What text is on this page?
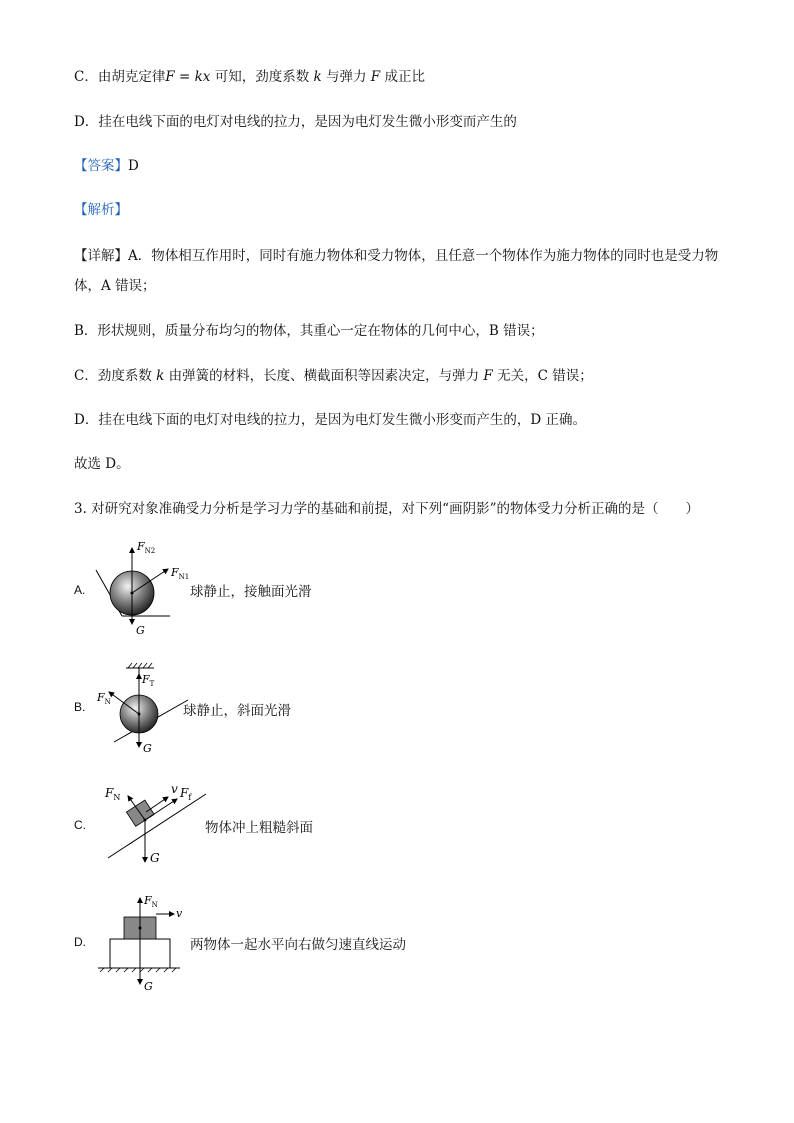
C．由胡克定律F = kx 可知，劲度系数 k 与弹力 F 成正比
D．挂在电线下面的电灯对电线的拉力，是因为电灯发生微小形变而产生的
【答案】D
【解析】
【详解】A．物体相互作用时，同时有施力物体和受力物体，且任意一个物体作为施力物体的同时也是受力物体，A 错误；
B．形状规则，质量分布均匀的物体，其重心一定在物体的几何中心，B 错误；
C．劲度系数 k 由弹簧的材料，长度、横截面积等因素决定，与弹力 F 无关，C 错误；
D．挂在电线下面的电灯对电线的拉力，是因为电灯发生微小形变而产生的，D 正确。
故选 D。
3. 对研究对象准确受力分析是学习力学的基础和前提，对下列“画阴影”的物体受力分析正确的是（　　）
A.
$F_{N2}$
$F_{N1}$
G
球静止，接触面光滑
B.
$F_T$
$F_N$
G
球静止，斜面光滑
C.
$F_N$
v $F_f$
G
物体冲上粗糙斜面
D.
$F_N$
v
G
两物体一起水平向右做匀速直线运动
